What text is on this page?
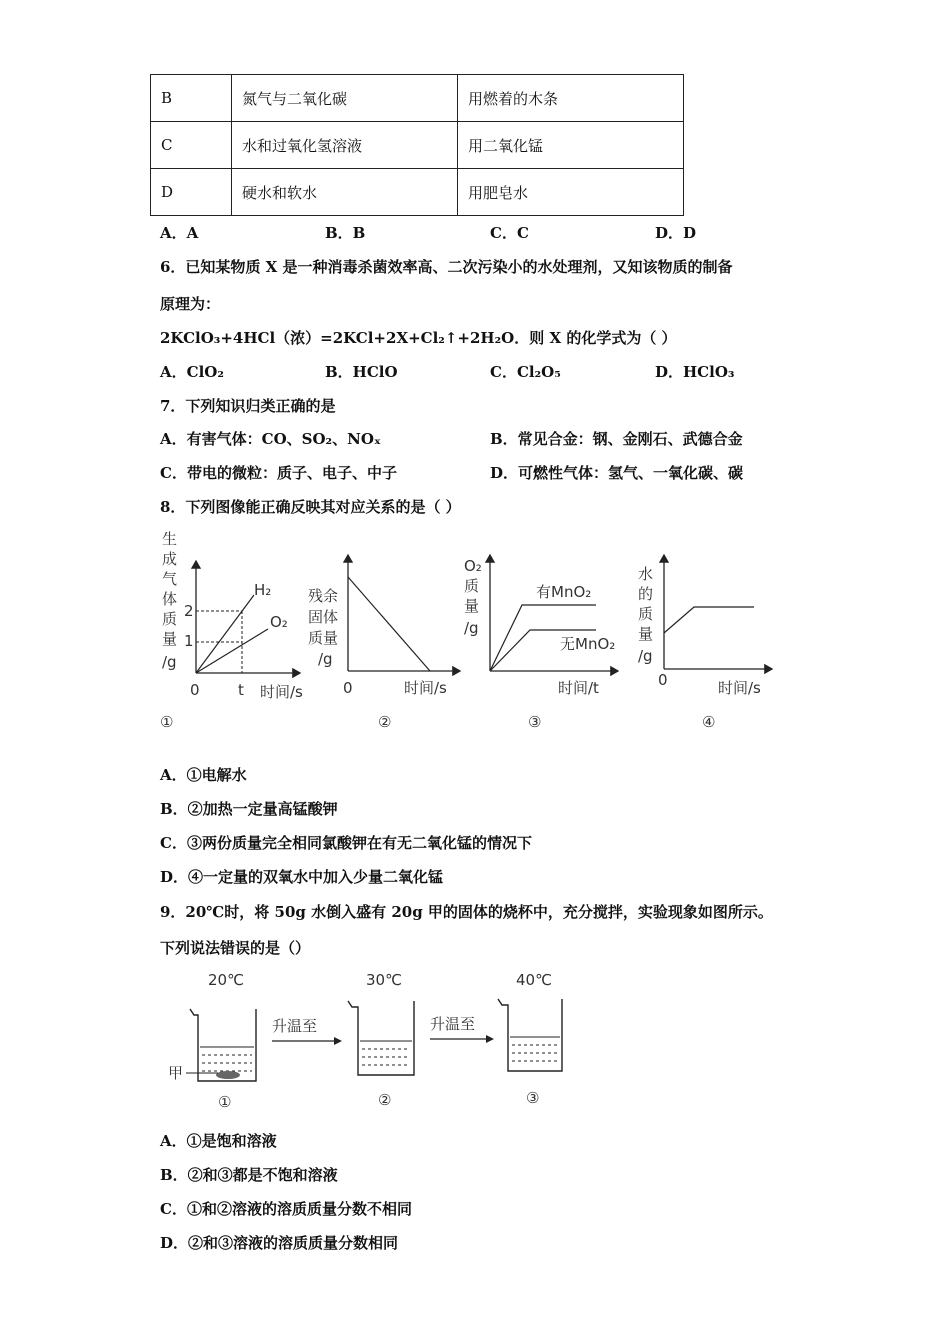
B	氮气与二氧化碳	用燃着的木条
C	水和过氧化氢溶液	用二氧化锰
D	硬水和软水	用肥皂水
A．A	B．B	C．C	D．D
6．已知某物质 X 是一种消毒杀菌效率高、二次污染小的水处理剂，又知该物质的制备
原理为：
2KClO₃+4HCl（浓）=2KCl+2X+Cl₂↑+2H₂O．则 X 的化学式为（ ）
A．ClO₂	B．HClO	C．Cl₂O₅	D．HClO₃
7．下列知识归类正确的是
A．有害气体：CO、SO₂、NOₓ	B．常见合金：钢、金刚石、武德合金
C．带电的微粒：质子、电子、中子	D．可燃性气体：氢气、一氧化碳、碳
8．下列图像能正确反映其对应关系的是（ ）
生
成
气
体
质
量
/g
2
1
0	t
H₂
O₂
时间/s
①
残余
固体
质量
/g
0	时间/s
②
O₂
质
量
/g
有MnO₂
无MnO₂
时间/t
③
水
的
质
量
/g
0	时间/s
④
A．①电解水
B．②加热一定量高锰酸钾
C．③两份质量完全相同氯酸钾在有无二氧化锰的情况下
D．④一定量的双氧水中加入少量二氧化锰
9．20℃时，将 50g 水倒入盛有 20g 甲的固体的烧杯中，充分搅拌，实验现象如图所示。
下列说法错误的是（）
20℃
甲
①
升温至
30℃
②
升温至
40℃
③
A．①是饱和溶液
B．②和③都是不饱和溶液
C．①和②溶液的溶质质量分数不相同
D．②和③溶液的溶质质量分数相同
